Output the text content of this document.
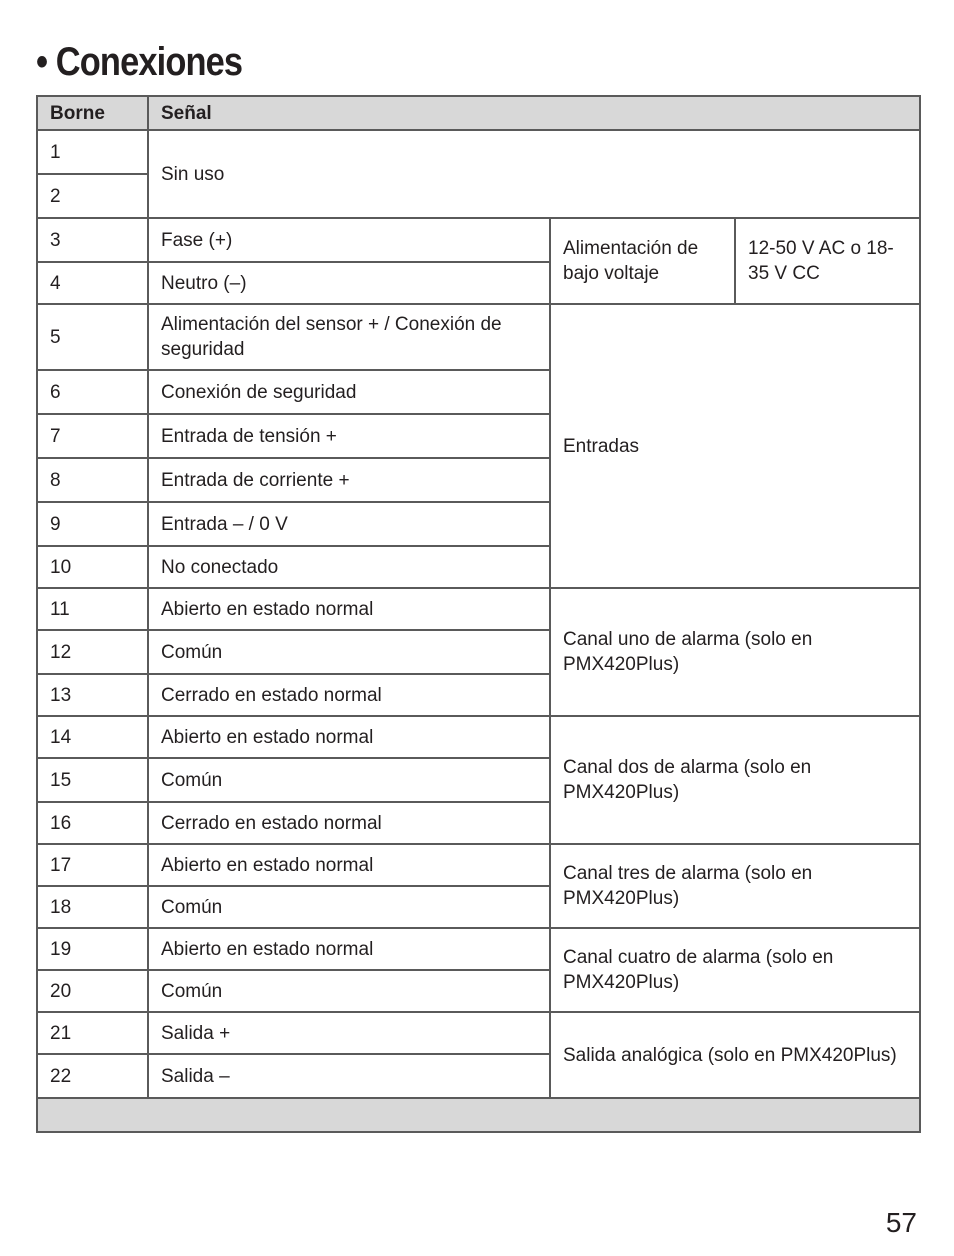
• Conexiones
Borne	Señal		
1	Sin uso		
2			
3	Fase (+)	Alimentación de bajo voltaje	12-50 V AC o 18-35 V CC
4	Neutro (–)		
5	Alimentación del sensor + / Conexión de seguridad	Entradas	
6	Conexión de seguridad		
7	Entrada de tensión +		
8	Entrada de corriente +		
9	Entrada – / 0 V		
10	No conectado		
11	Abierto en estado normal	Canal uno de alarma (solo en PMX420Plus)	
12	Común		
13	Cerrado en estado normal		
14	Abierto en estado normal	Canal dos de alarma (solo en PMX420Plus)	
15	Común		
16	Cerrado en estado normal		
17	Abierto en estado normal	Canal tres de alarma (solo en PMX420Plus)	
18	Común		
19	Abierto en estado normal	Canal cuatro de alarma (solo en PMX420Plus)	
20	Común		
21	Salida +	Salida analógica (solo en PMX420Plus)	
22	Salida –		

57
